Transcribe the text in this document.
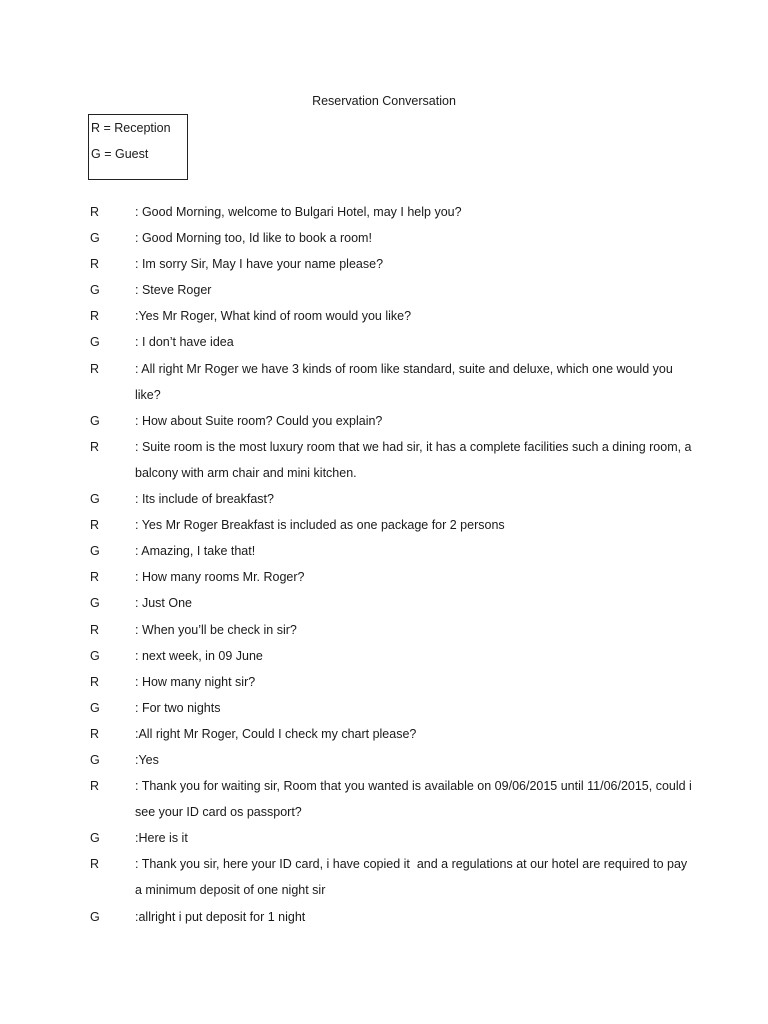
Reservation Conversation
R = Reception
G = Guest
R	: Good Morning, welcome to Bulgari Hotel, may I help you?
G	: Good Morning too, Id like to book a room!
R	: Im sorry Sir, May I have your name please?
G	: Steve Roger
R	:Yes Mr Roger, What kind of room would you like?
G	: I don’t have idea
R	: All right Mr Roger we have 3 kinds of room like standard, suite and deluxe, which one would you like?
G	: How about Suite room? Could you explain?
R	: Suite room is the most luxury room that we had sir, it has a complete facilities such a dining room, a balcony with arm chair and mini kitchen.
G	: Its include of breakfast?
R	: Yes Mr Roger Breakfast is included as one package for 2 persons
G	: Amazing, I take that!
R	: How many rooms Mr. Roger?
G	: Just One
R	: When you’ll be check in sir?
G	: next week, in 09 June
R	: How many night sir?
G	: For two nights
R	:All right Mr Roger, Could I check my chart please?
G	:Yes
R	: Thank you for waiting sir, Room that you wanted is available on 09/06/2015 until 11/06/2015, could i see your ID card os passport?
G	:Here is it
R	: Thank you sir, here your ID card, i have copied it  and a regulations at our hotel are required to pay a minimum deposit of one night sir
G	:allright i put deposit for 1 night
